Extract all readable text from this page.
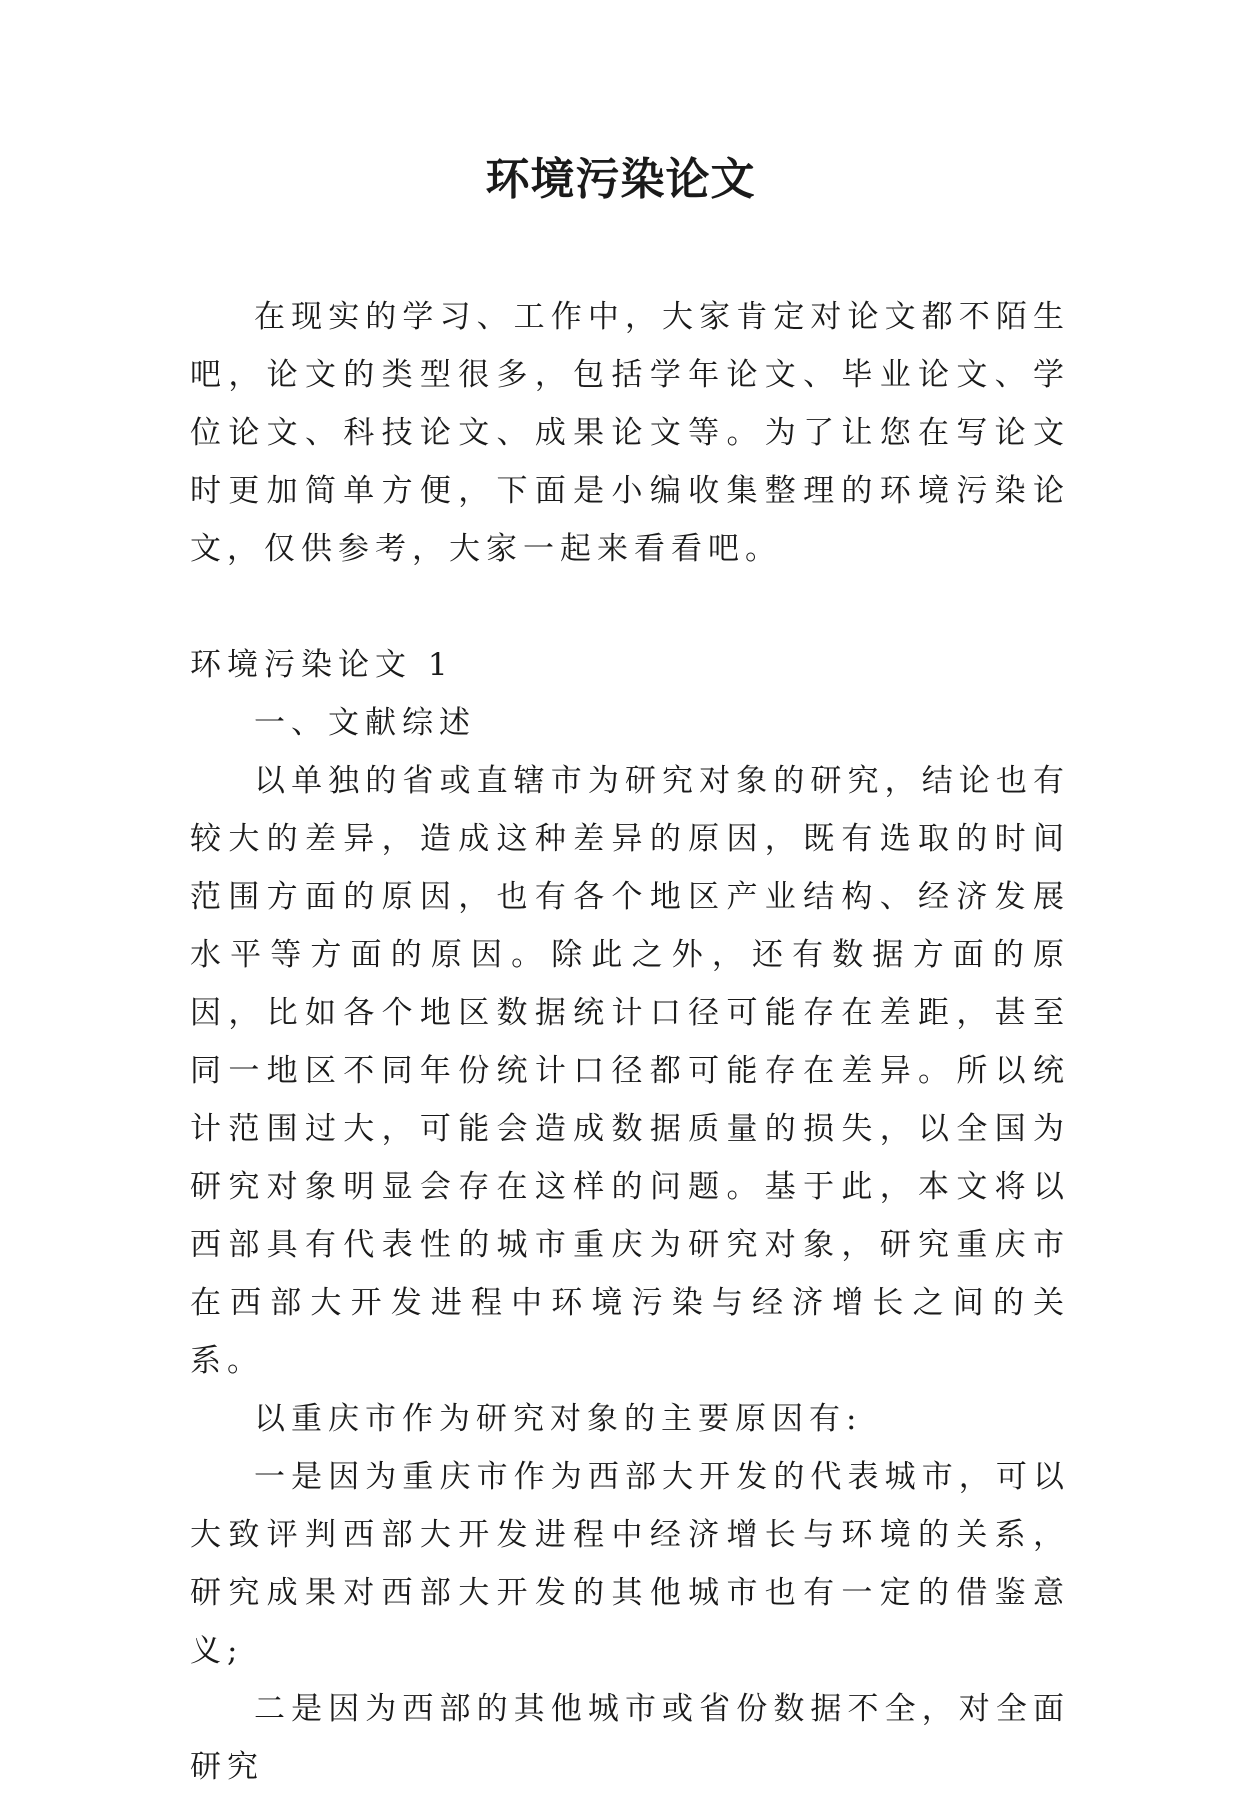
环境污染论文

在现实的学习、工作中，大家肯定对论文都不陌生吧，论文的类型很多，包括学年论文、毕业论文、学位论文、科技论文、成果论文等。为了让您在写论文时更加简单方便，下面是小编收集整理的环境污染论文，仅供参考，大家一起来看看吧。

环境污染论文 1

一、文献综述

以单独的省或直辖市为研究对象的研究，结论也有较大的差异，造成这种差异的原因，既有选取的时间范围方面的原因，也有各个地区产业结构、经济发展水平等方面的原因。除此之外，还有数据方面的原因，比如各个地区数据统计口径可能存在差距，甚至同一地区不同年份统计口径都可能存在差异。所以统计范围过大，可能会造成数据质量的损失，以全国为研究对象明显会存在这样的问题。基于此，本文将以西部具有代表性的城市重庆为研究对象，研究重庆市在西部大开发进程中环境污染与经济增长之间的关系。

以重庆市作为研究对象的主要原因有:

一是因为重庆市作为西部大开发的代表城市，可以大致评判西部大开发进程中经济增长与环境的关系，研究成果对西部大开发的其他城市也有一定的借鉴意义;

二是因为西部的其他城市或省份数据不全，对全面研究
